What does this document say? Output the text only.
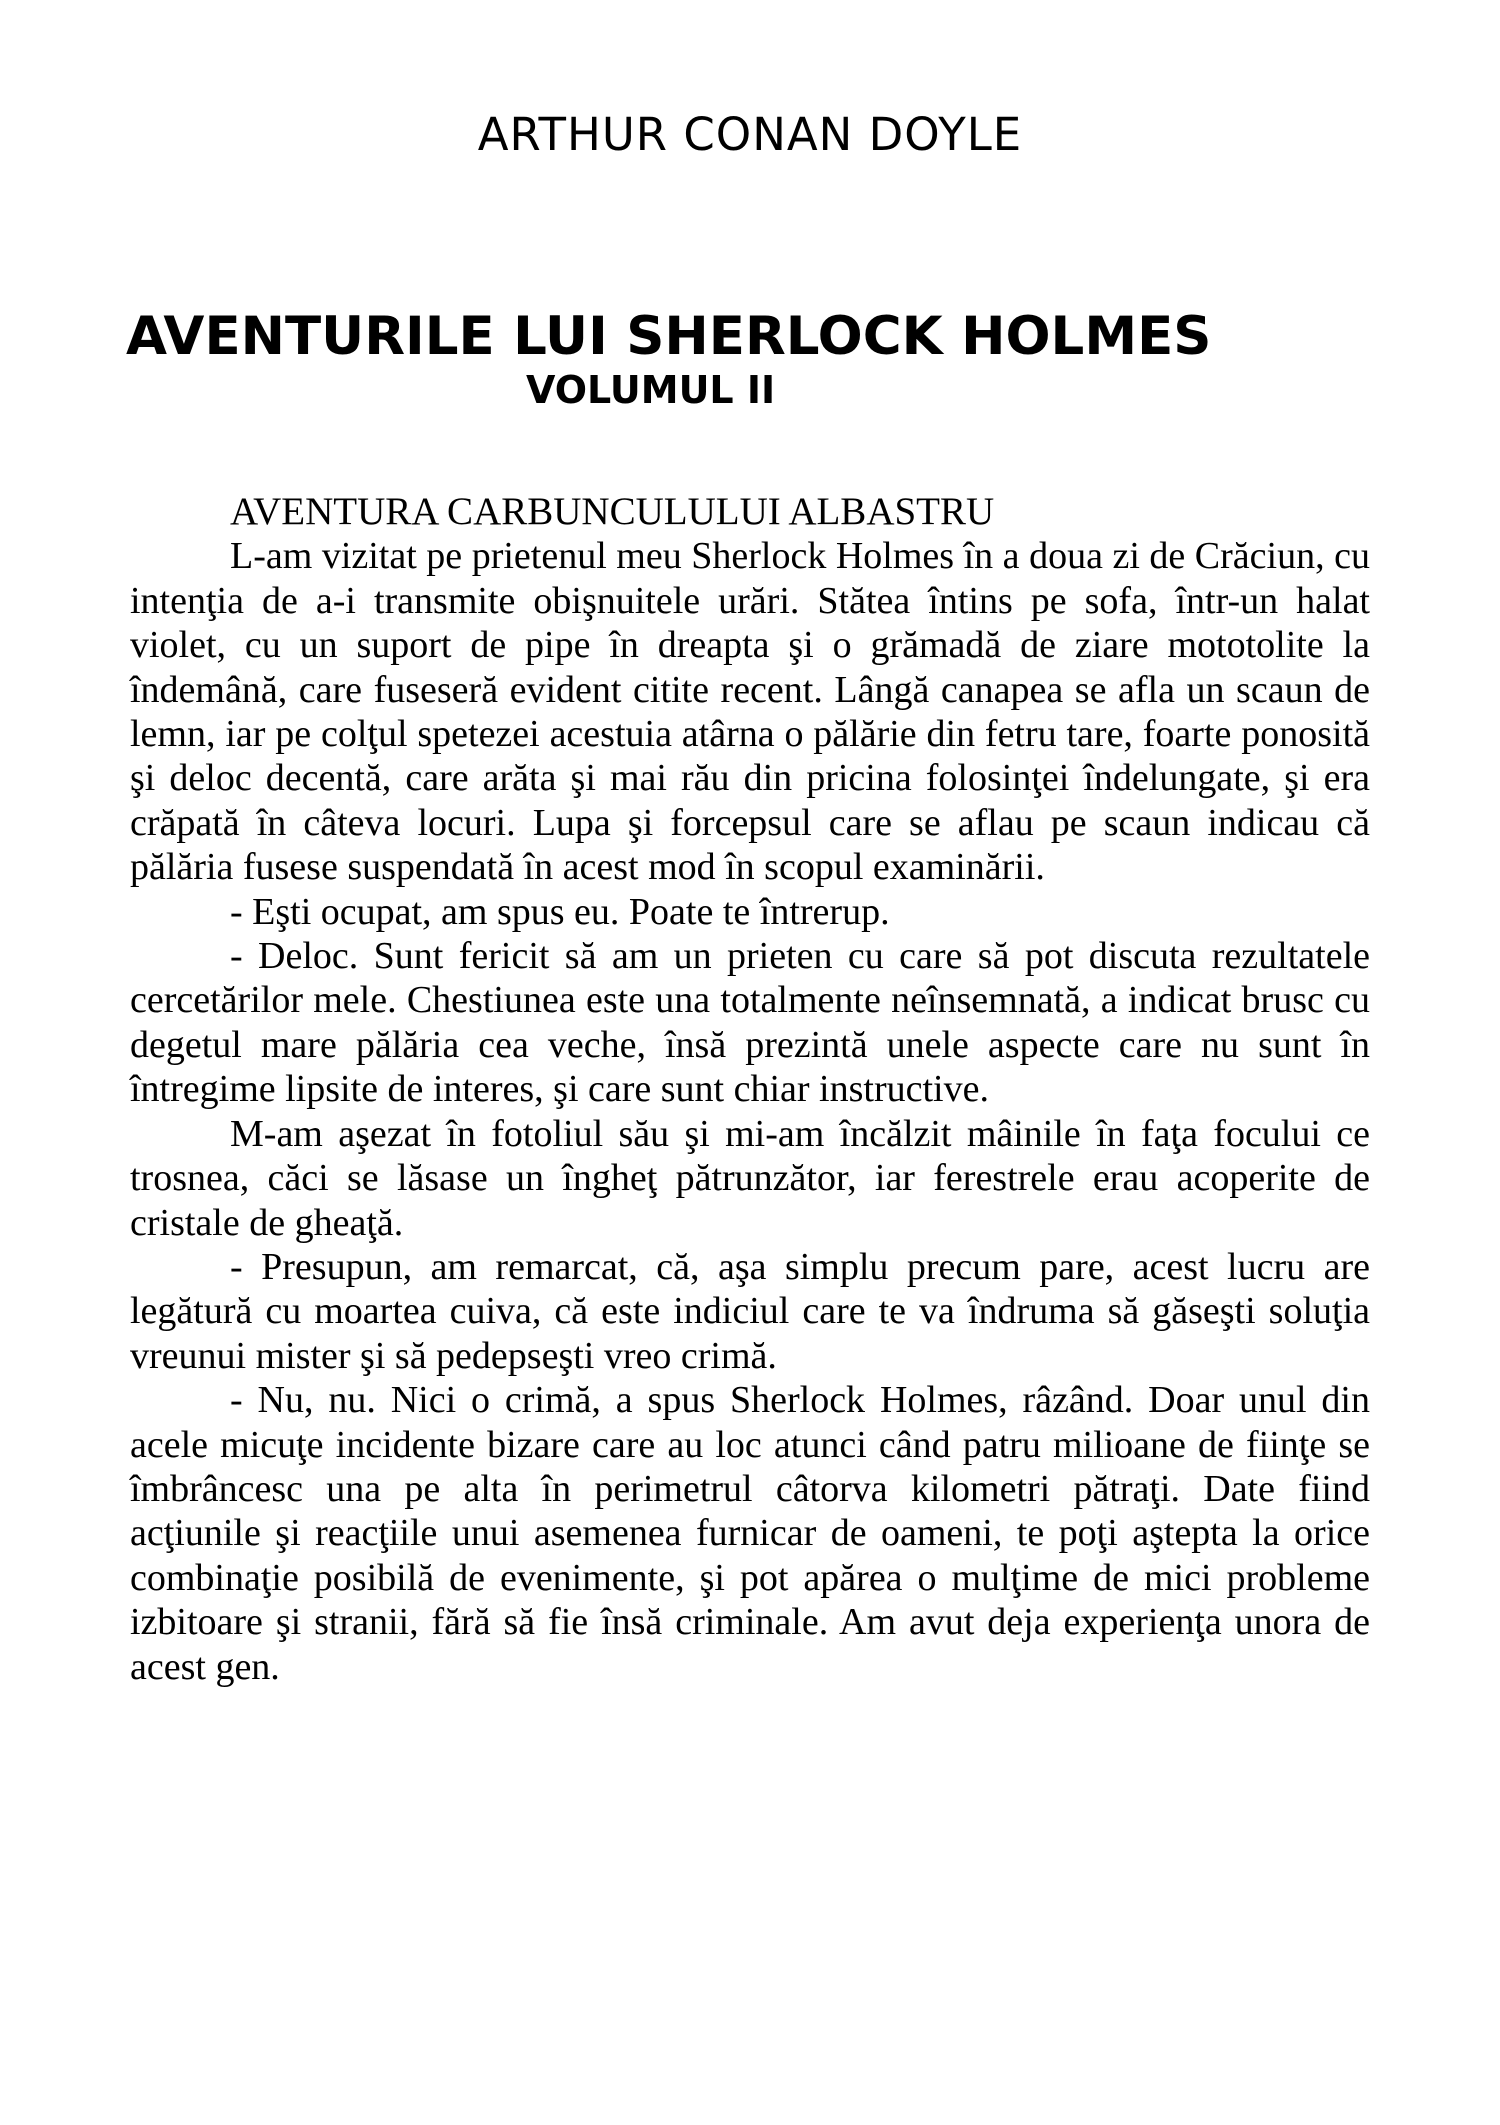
ARTHUR CONAN DOYLE
AVENTURILE LUI SHERLOCK HOLMES
VOLUMUL II
AVENTURA CARBUNCULULUI ALBASTRU

L-am vizitat pe prietenul meu Sherlock Holmes în a doua zi de Crăciun, cu intenţia de a-i transmite obişnuitele urări. Stătea întins pe sofa, într-un halat violet, cu un suport de pipe în dreapta şi o grămadă de ziare mototolite la îndemână, care fuseseră evident citite recent. Lângă canapea se afla un scaun de lemn, iar pe colţul spetezei acestuia atârna o pălărie din fetru tare, foarte ponosită şi deloc decentă, care arăta şi mai rău din pricina folosinţei îndelungate, şi era crăpată în câteva locuri. Lupa şi forcepsul care se aflau pe scaun indicau că pălăria fusese suspendată în acest mod în scopul examinării.

- Eşti ocupat, am spus eu. Poate te întrerup.

- Deloc. Sunt fericit să am un prieten cu care să pot discuta rezultatele cercetărilor mele. Chestiunea este una totalmente neînsemnată, a indicat brusc cu degetul mare pălăria cea veche, însă prezintă unele aspecte care nu sunt în întregime lipsite de interes, şi care sunt chiar instructive.

M-am aşezat în fotoliul său şi mi-am încălzit mâinile în faţa focului ce trosnea, căci se lăsase un îngheţ pătrunzător, iar ferestrele erau acoperite de cristale de gheaţă.

- Presupun, am remarcat, că, aşa simplu precum pare, acest lucru are legătură cu moartea cuiva, că este indiciul care te va îndruma să găseşti soluţia vreunui mister şi să pedepseşti vreo crimă.

- Nu, nu. Nici o crimă, a spus Sherlock Holmes, râzând. Doar unul din acele micuţe incidente bizare care au loc atunci când patru milioane de fiinţe se îmbrâncesc una pe alta în perimetrul câtorva kilometri pătraţi. Date fiind acţiunile şi reacţiile unui asemenea furnicar de oameni, te poţi aştepta la orice combinaţie posibilă de evenimente, şi pot apărea o mulţime de mici probleme izbitoare şi stranii, fără să fie însă criminale. Am avut deja experienţa unora de acest gen.
